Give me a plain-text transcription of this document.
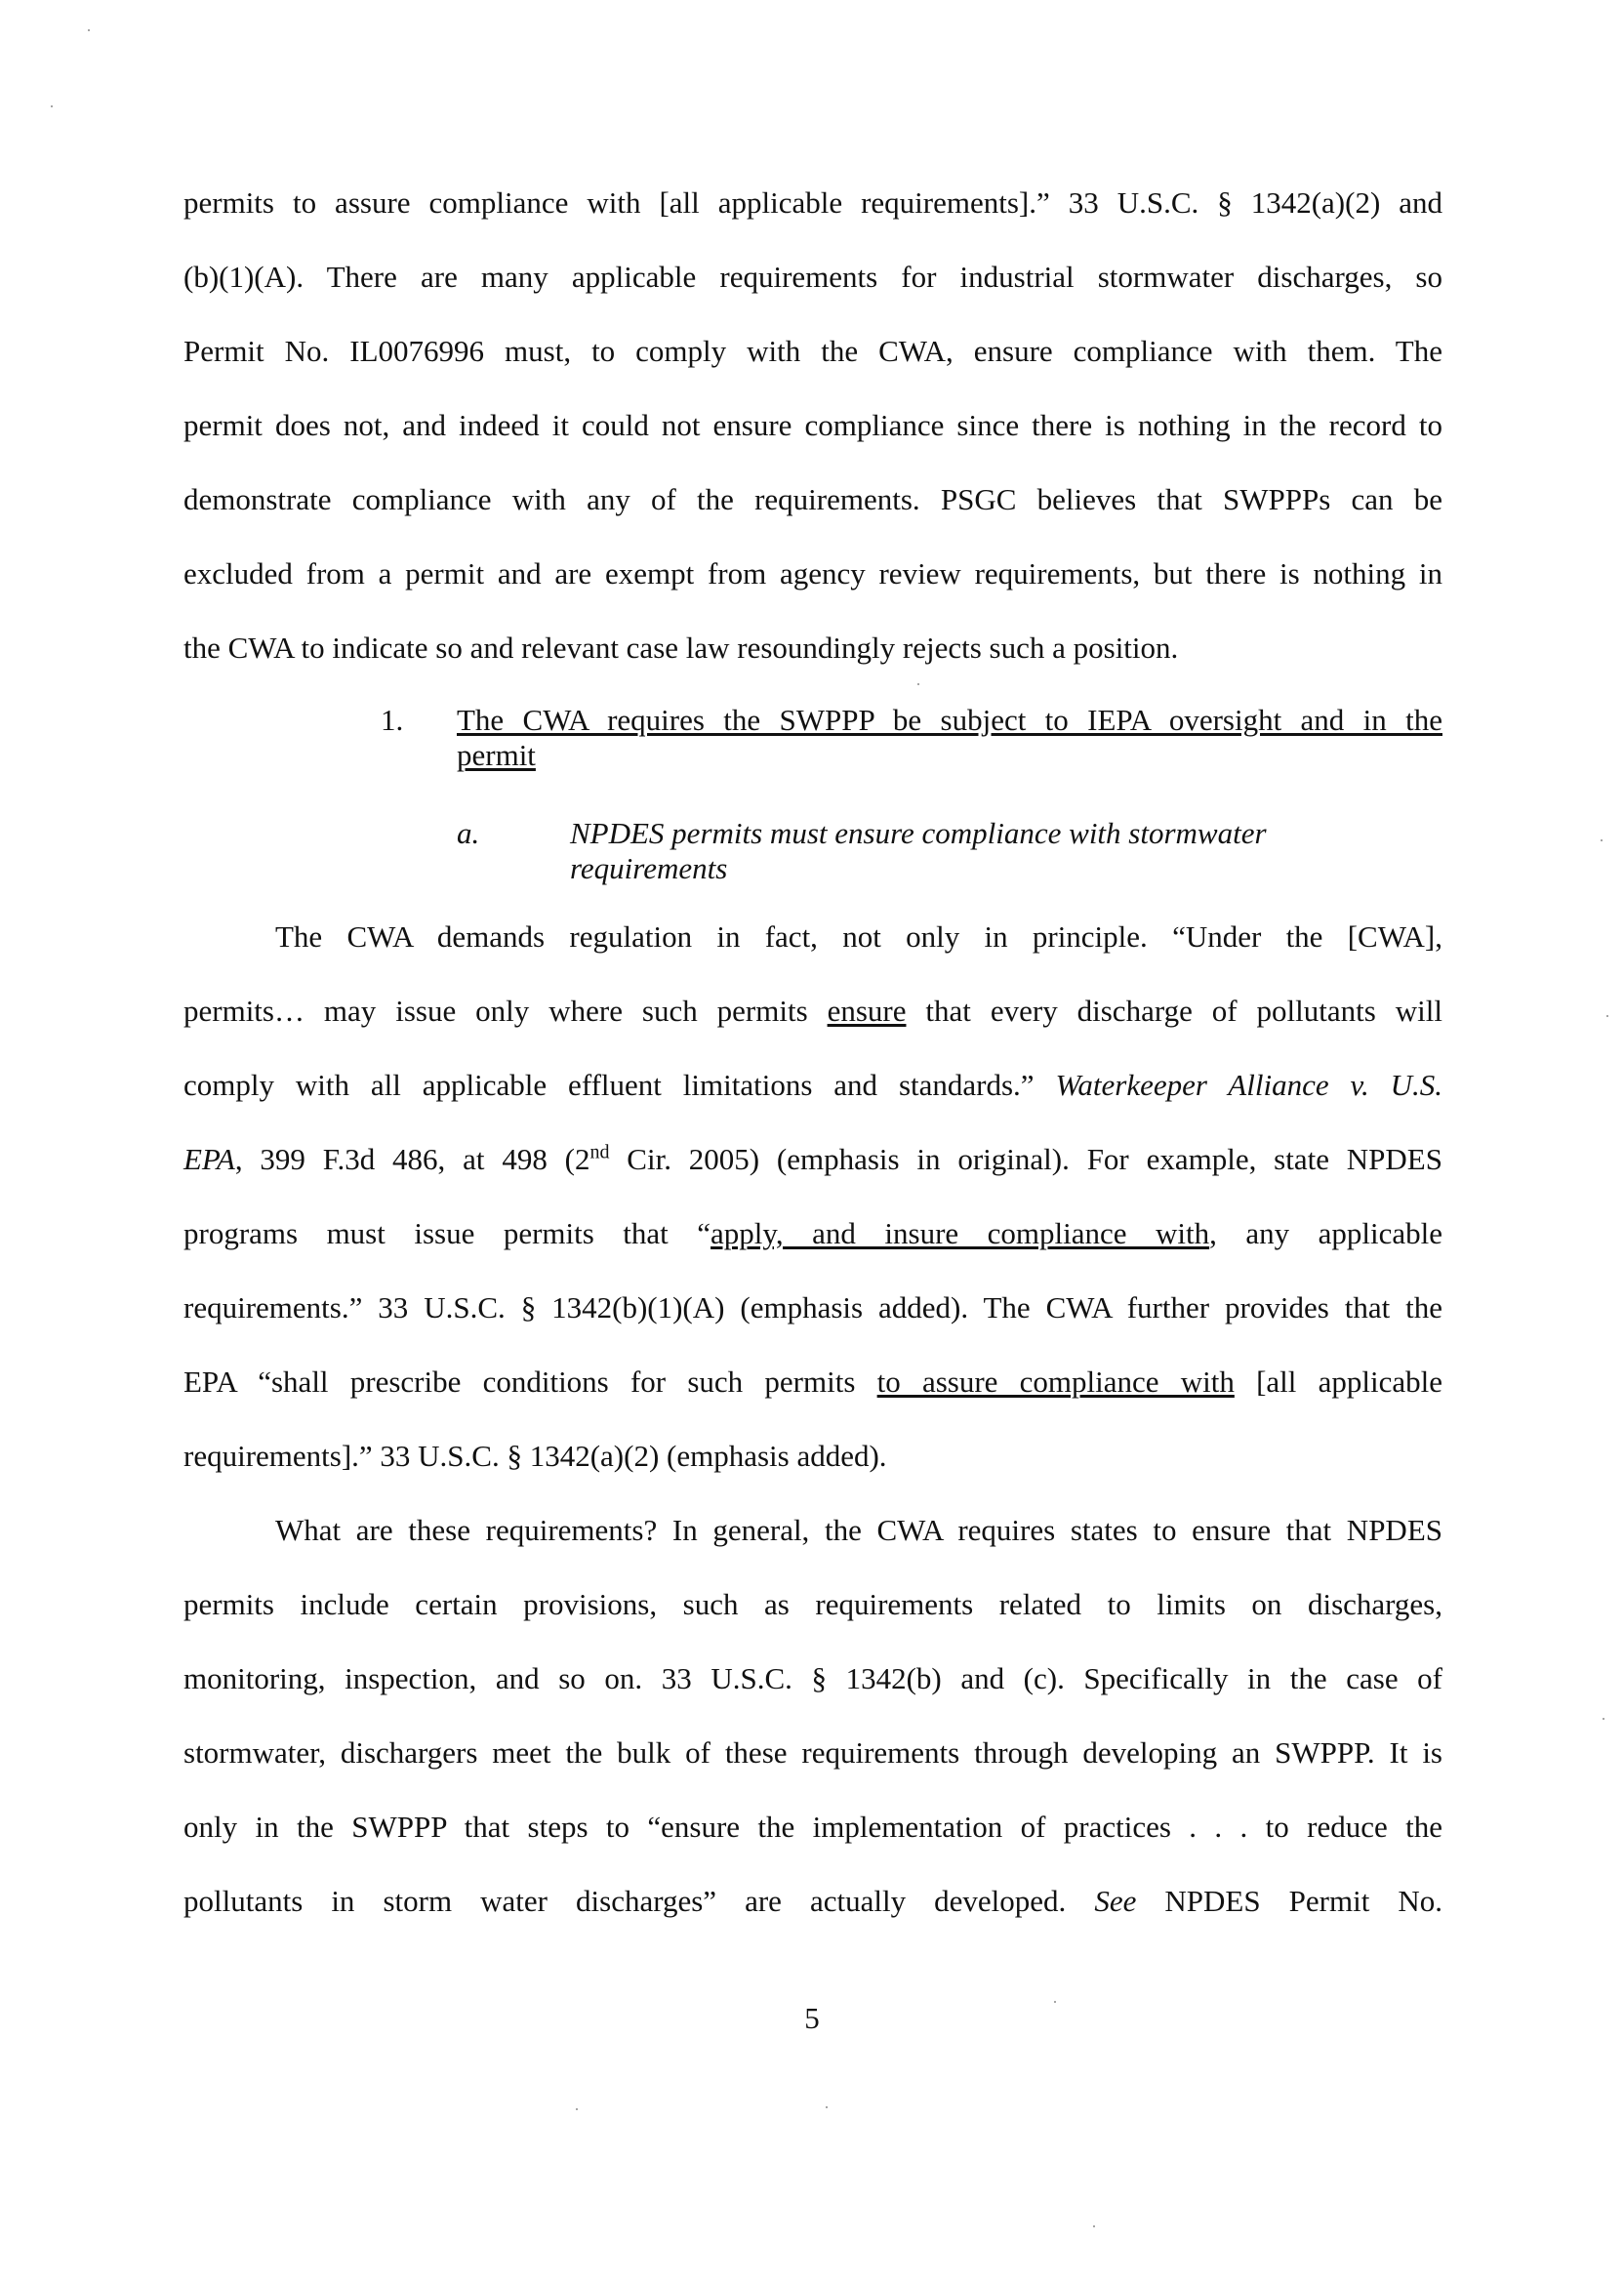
permits to assure compliance with [all applicable requirements].” 33 U.S.C. § 1342(a)(2) and
(b)(1)(A). There are many applicable requirements for industrial stormwater discharges, so
Permit No. IL0076996 must, to comply with the CWA, ensure compliance with them. The
permit does not, and indeed it could not ensure compliance since there is nothing in the record to
demonstrate compliance with any of the requirements. PSGC believes that SWPPPs can be
excluded from a permit and are exempt from agency review requirements, but there is nothing in
the CWA to indicate so and relevant case law resoundingly rejects such a position.
1. The CWA requires the SWPPP be subject to IEPA oversight and in the
permit
a.	NPDES permits must ensure compliance with stormwater
requirements
The CWA demands regulation in fact, not only in principle. “Under the [CWA],
permits… may issue only where such permits ensure that every discharge of pollutants will
comply with all applicable effluent limitations and standards.” Waterkeeper Alliance v. U.S.
EPA, 399 F.3d 486, at 498 (2nd Cir. 2005) (emphasis in original). For example, state NPDES
programs must issue permits that “apply, and insure compliance with, any applicable
requirements.” 33 U.S.C. § 1342(b)(1)(A) (emphasis added). The CWA further provides that the
EPA “shall prescribe conditions for such permits to assure compliance with [all applicable
requirements].” 33 U.S.C. § 1342(a)(2) (emphasis added).
What are these requirements? In general, the CWA requires states to ensure that NPDES
permits include certain provisions, such as requirements related to limits on discharges,
monitoring, inspection, and so on. 33 U.S.C. § 1342(b) and (c). Specifically in the case of
stormwater, dischargers meet the bulk of these requirements through developing an SWPPP. It is
only in the SWPPP that steps to “ensure the implementation of practices . . . to reduce the
pollutants in storm water discharges” are actually developed. See NPDES Permit No.
5
